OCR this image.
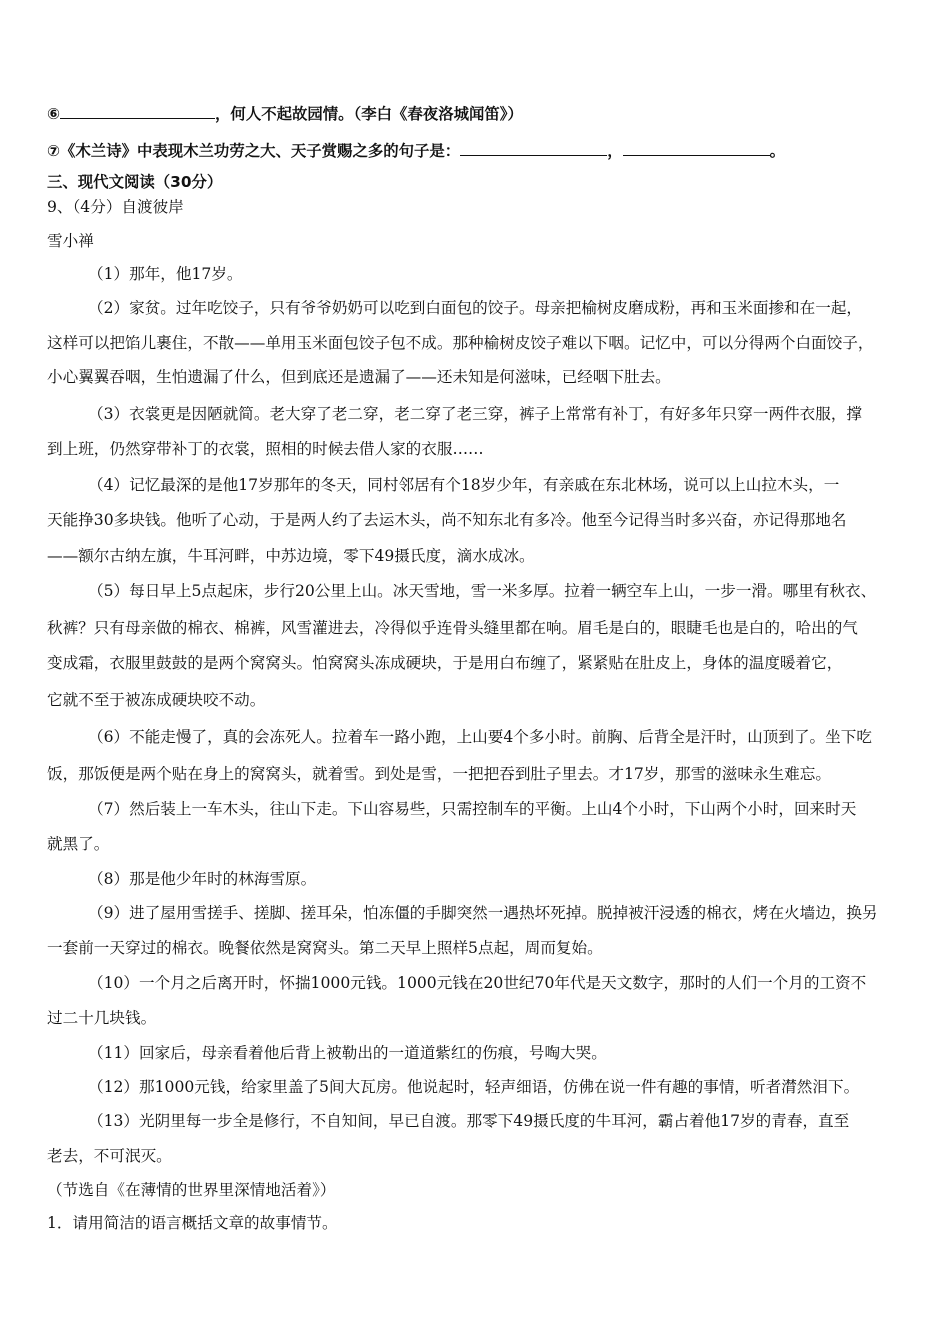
⑥	，何人不起故园情。（李白《春夜洛城闻笛》）
⑦《木兰诗》中表现木兰功劳之大、天子赏赐之多的句子是：	，	。
三、现代文阅读（30分）
9、（4分）自渡彼岸
雪小禅
（1）那年，他17岁。
（2）家贫。过年吃饺子，只有爷爷奶奶可以吃到白面包的饺子。母亲把榆树皮磨成粉，再和玉米面掺和在一起，
这样可以把馅儿裹住，不散——单用玉米面包饺子包不成。那种榆树皮饺子难以下咽。记忆中，可以分得两个白面饺子，
小心翼翼吞咽，生怕遗漏了什么，但到底还是遗漏了——还未知是何滋味，已经咽下肚去。
（3）衣裳更是因陋就简。老大穿了老二穿，老二穿了老三穿，裤子上常常有补丁，有好多年只穿一两件衣服，撑
到上班，仍然穿带补丁的衣裳，照相的时候去借人家的衣服……
（4）记忆最深的是他17岁那年的冬天，同村邻居有个18岁少年，有亲戚在东北林场，说可以上山拉木头，一
天能挣30多块钱。他听了心动，于是两人约了去运木头，尚不知东北有多冷。他至今记得当时多兴奋，亦记得那地名
——额尔古纳左旗，牛耳河畔，中苏边境，零下49摄氏度，滴水成冰。
（5）每日早上5点起床，步行20公里上山。冰天雪地，雪一米多厚。拉着一辆空车上山，一步一滑。哪里有秋衣、
秋裤？只有母亲做的棉衣、棉裤，风雪灌进去，冷得似乎连骨头缝里都在响。眉毛是白的，眼睫毛也是白的，哈出的气
变成霜，衣服里鼓鼓的是两个窝窝头。怕窝窝头冻成硬块，于是用白布缠了，紧紧贴在肚皮上，身体的温度暖着它，
它就不至于被冻成硬块咬不动。
（6）不能走慢了，真的会冻死人。拉着车一路小跑，上山要4个多小时。前胸、后背全是汗时，山顶到了。坐下吃
饭，那饭便是两个贴在身上的窝窝头，就着雪。到处是雪，一把把吞到肚子里去。才17岁，那雪的滋味永生难忘。
（7）然后装上一车木头，往山下走。下山容易些，只需控制车的平衡。上山4个小时，下山两个小时，回来时天
就黑了。
（8）那是他少年时的林海雪原。
（9）进了屋用雪搓手、搓脚、搓耳朵，怕冻僵的手脚突然一遇热坏死掉。脱掉被汗浸透的棉衣，烤在火墙边，换另
一套前一天穿过的棉衣。晚餐依然是窝窝头。第二天早上照样5点起，周而复始。
（10）一个月之后离开时，怀揣1000元钱。1000元钱在20世纪70年代是天文数字，那时的人们一个月的工资不
过二十几块钱。
（11）回家后，母亲看着他后背上被勒出的一道道紫红的伤痕，号啕大哭。
（12）那1000元钱，给家里盖了5间大瓦房。他说起时，轻声细语，仿佛在说一件有趣的事情，听者潸然泪下。
（13）光阴里每一步全是修行，不自知间，早已自渡。那零下49摄氏度的牛耳河，霸占着他17岁的青春，直至
老去，不可泯灭。
（节选自《在薄情的世界里深情地活着》）
1．请用简洁的语言概括文章的故事情节。
